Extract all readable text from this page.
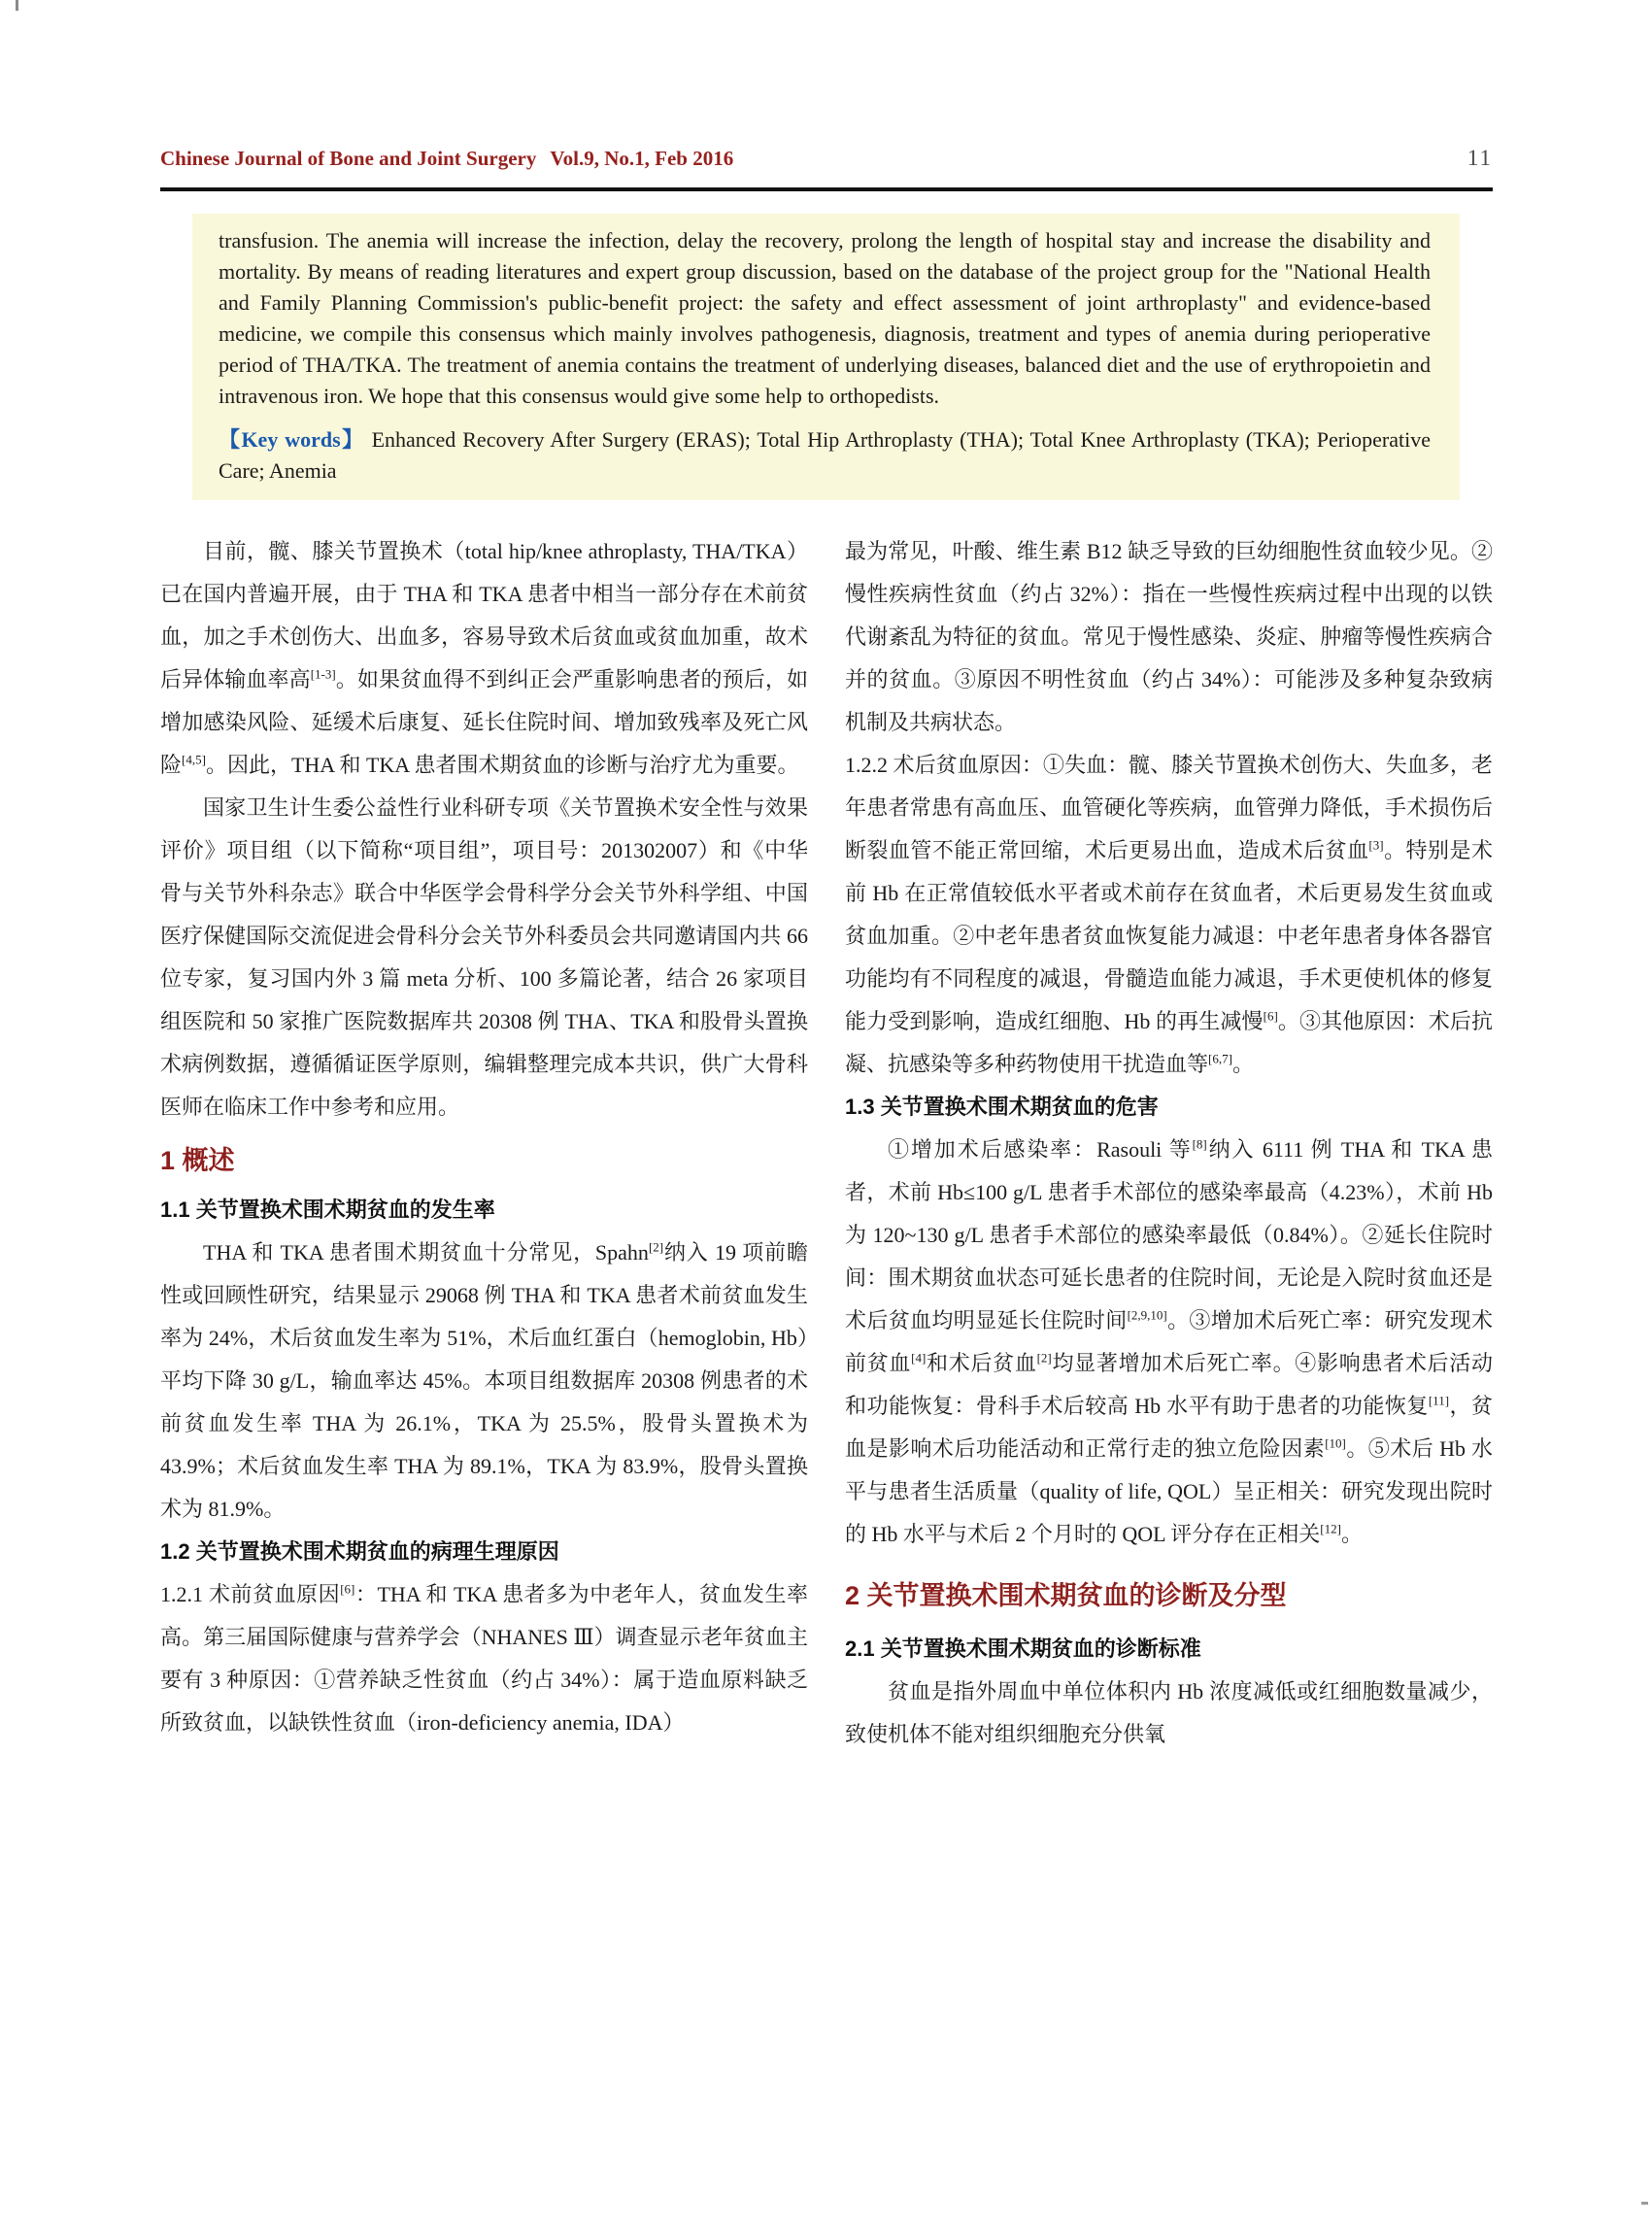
Chinese Journal of Bone and Joint Surgery Vol.9, No.1, Feb 2016	11

transfusion. The anemia will increase the infection, delay the recovery, prolong the length of hospital stay and increase the disability and mortality. By means of reading literatures and expert group discussion, based on the database of the project group for the "National Health and Family Planning Commission's public-benefit project: the safety and effect assessment of joint arthroplasty" and evidence-based medicine, we compile this consensus which mainly involves pathogenesis, diagnosis, treatment and types of anemia during perioperative period of THA/TKA. The treatment of anemia contains the treatment of underlying diseases, balanced diet and the use of erythropoietin and intravenous iron. We hope that this consensus would give some help to orthopedists.

【Key words】 Enhanced Recovery After Surgery (ERAS); Total Hip Arthroplasty (THA); Total Knee Arthroplasty (TKA); Perioperative Care; Anemia

目前，髋、膝关节置换术（total hip/knee athroplasty, THA/TKA）已在国内普遍开展，由于 THA 和 TKA 患者中相当一部分存在术前贫血，加之手术创伤大、出血多，容易导致术后贫血或贫血加重，故术后异体输血率高[1-3]。如果贫血得不到纠正会严重影响患者的预后，如增加感染风险、延缓术后康复、延长住院时间、增加致残率及死亡风险[4,5]。因此，THA 和 TKA 患者围术期贫血的诊断与治疗尤为重要。

国家卫生计生委公益性行业科研专项《关节置换术安全性与效果评价》项目组（以下简称“项目组”，项目号：201302007）和《中华骨与关节外科杂志》联合中华医学会骨科学分会关节外科学组、中国医疗保健国际交流促进会骨科分会关节外科委员会共同邀请国内共 66 位专家，复习国内外 3 篇 meta 分析、100 多篇论著，结合 26 家项目组医院和 50 家推广医院数据库共 20308 例 THA、TKA 和股骨头置换术病例数据，遵循循证医学原则，编辑整理完成本共识，供广大骨科医师在临床工作中参考和应用。

1 概述
1.1 关节置换术围术期贫血的发生率

THA 和 TKA 患者围术期贫血十分常见，Spahn[2]纳入 19 项前瞻性或回顾性研究，结果显示 29068 例 THA 和 TKA 患者术前贫血发生率为 24%，术后贫血发生率为 51%，术后血红蛋白（hemoglobin, Hb）平均下降 30 g/L，输血率达 45%。本项目组数据库 20308 例患者的术前贫血发生率 THA 为 26.1%，TKA 为 25.5%，股骨头置换术为 43.9%；术后贫血发生率 THA 为 89.1%，TKA 为 83.9%，股骨头置换术为 81.9%。

1.2 关节置换术围术期贫血的病理生理原因

1.2.1 术前贫血原因[6]：THA 和 TKA 患者多为中老年人，贫血发生率高。第三届国际健康与营养学会（NHANES Ⅲ）调查显示老年贫血主要有 3 种原因：①营养缺乏性贫血（约占 34%）：属于造血原料缺乏所致贫血，以缺铁性贫血（iron-deficiency anemia, IDA）

最为常见，叶酸、维生素 B12 缺乏导致的巨幼细胞性贫血较少见。②慢性疾病性贫血（约占 32%）：指在一些慢性疾病过程中出现的以铁代谢紊乱为特征的贫血。常见于慢性感染、炎症、肿瘤等慢性疾病合并的贫血。③原因不明性贫血（约占 34%）：可能涉及多种复杂致病机制及共病状态。

1.2.2 术后贫血原因：①失血：髋、膝关节置换术创伤大、失血多，老年患者常患有高血压、血管硬化等疾病，血管弹力降低，手术损伤后断裂血管不能正常回缩，术后更易出血，造成术后贫血[3]。特别是术前 Hb 在正常值较低水平者或术前存在贫血者，术后更易发生贫血或贫血加重。②中老年患者贫血恢复能力减退：中老年患者身体各器官功能均有不同程度的减退，骨髓造血能力减退，手术更使机体的修复能力受到影响，造成红细胞、Hb 的再生减慢[6]。③其他原因：术后抗凝、抗感染等多种药物使用干扰造血等[6,7]。

1.3 关节置换术围术期贫血的危害

①增加术后感染率：Rasouli 等[8]纳入 6111 例 THA 和 TKA 患者，术前 Hb≤100 g/L 患者手术部位的感染率最高（4.23%），术前 Hb 为 120~130 g/L 患者手术部位的感染率最低（0.84%）。②延长住院时间：围术期贫血状态可延长患者的住院时间，无论是入院时贫血还是术后贫血均明显延长住院时间[2,9,10]。③增加术后死亡率：研究发现术前贫血[4]和术后贫血[2]均显著增加术后死亡率。④影响患者术后活动和功能恢复：骨科手术后较高 Hb 水平有助于患者的功能恢复[11]，贫血是影响术后功能活动和正常行走的独立危险因素[10]。⑤术后 Hb 水平与患者生活质量（quality of life, QOL）呈正相关：研究发现出院时的 Hb 水平与术后 2 个月时的 QOL 评分存在正相关[12]。

2 关节置换术围术期贫血的诊断及分型
2.1 关节置换术围术期贫血的诊断标准

贫血是指外周血中单位体积内 Hb 浓度减低或红细胞数量减少，致使机体不能对组织细胞充分供氧
